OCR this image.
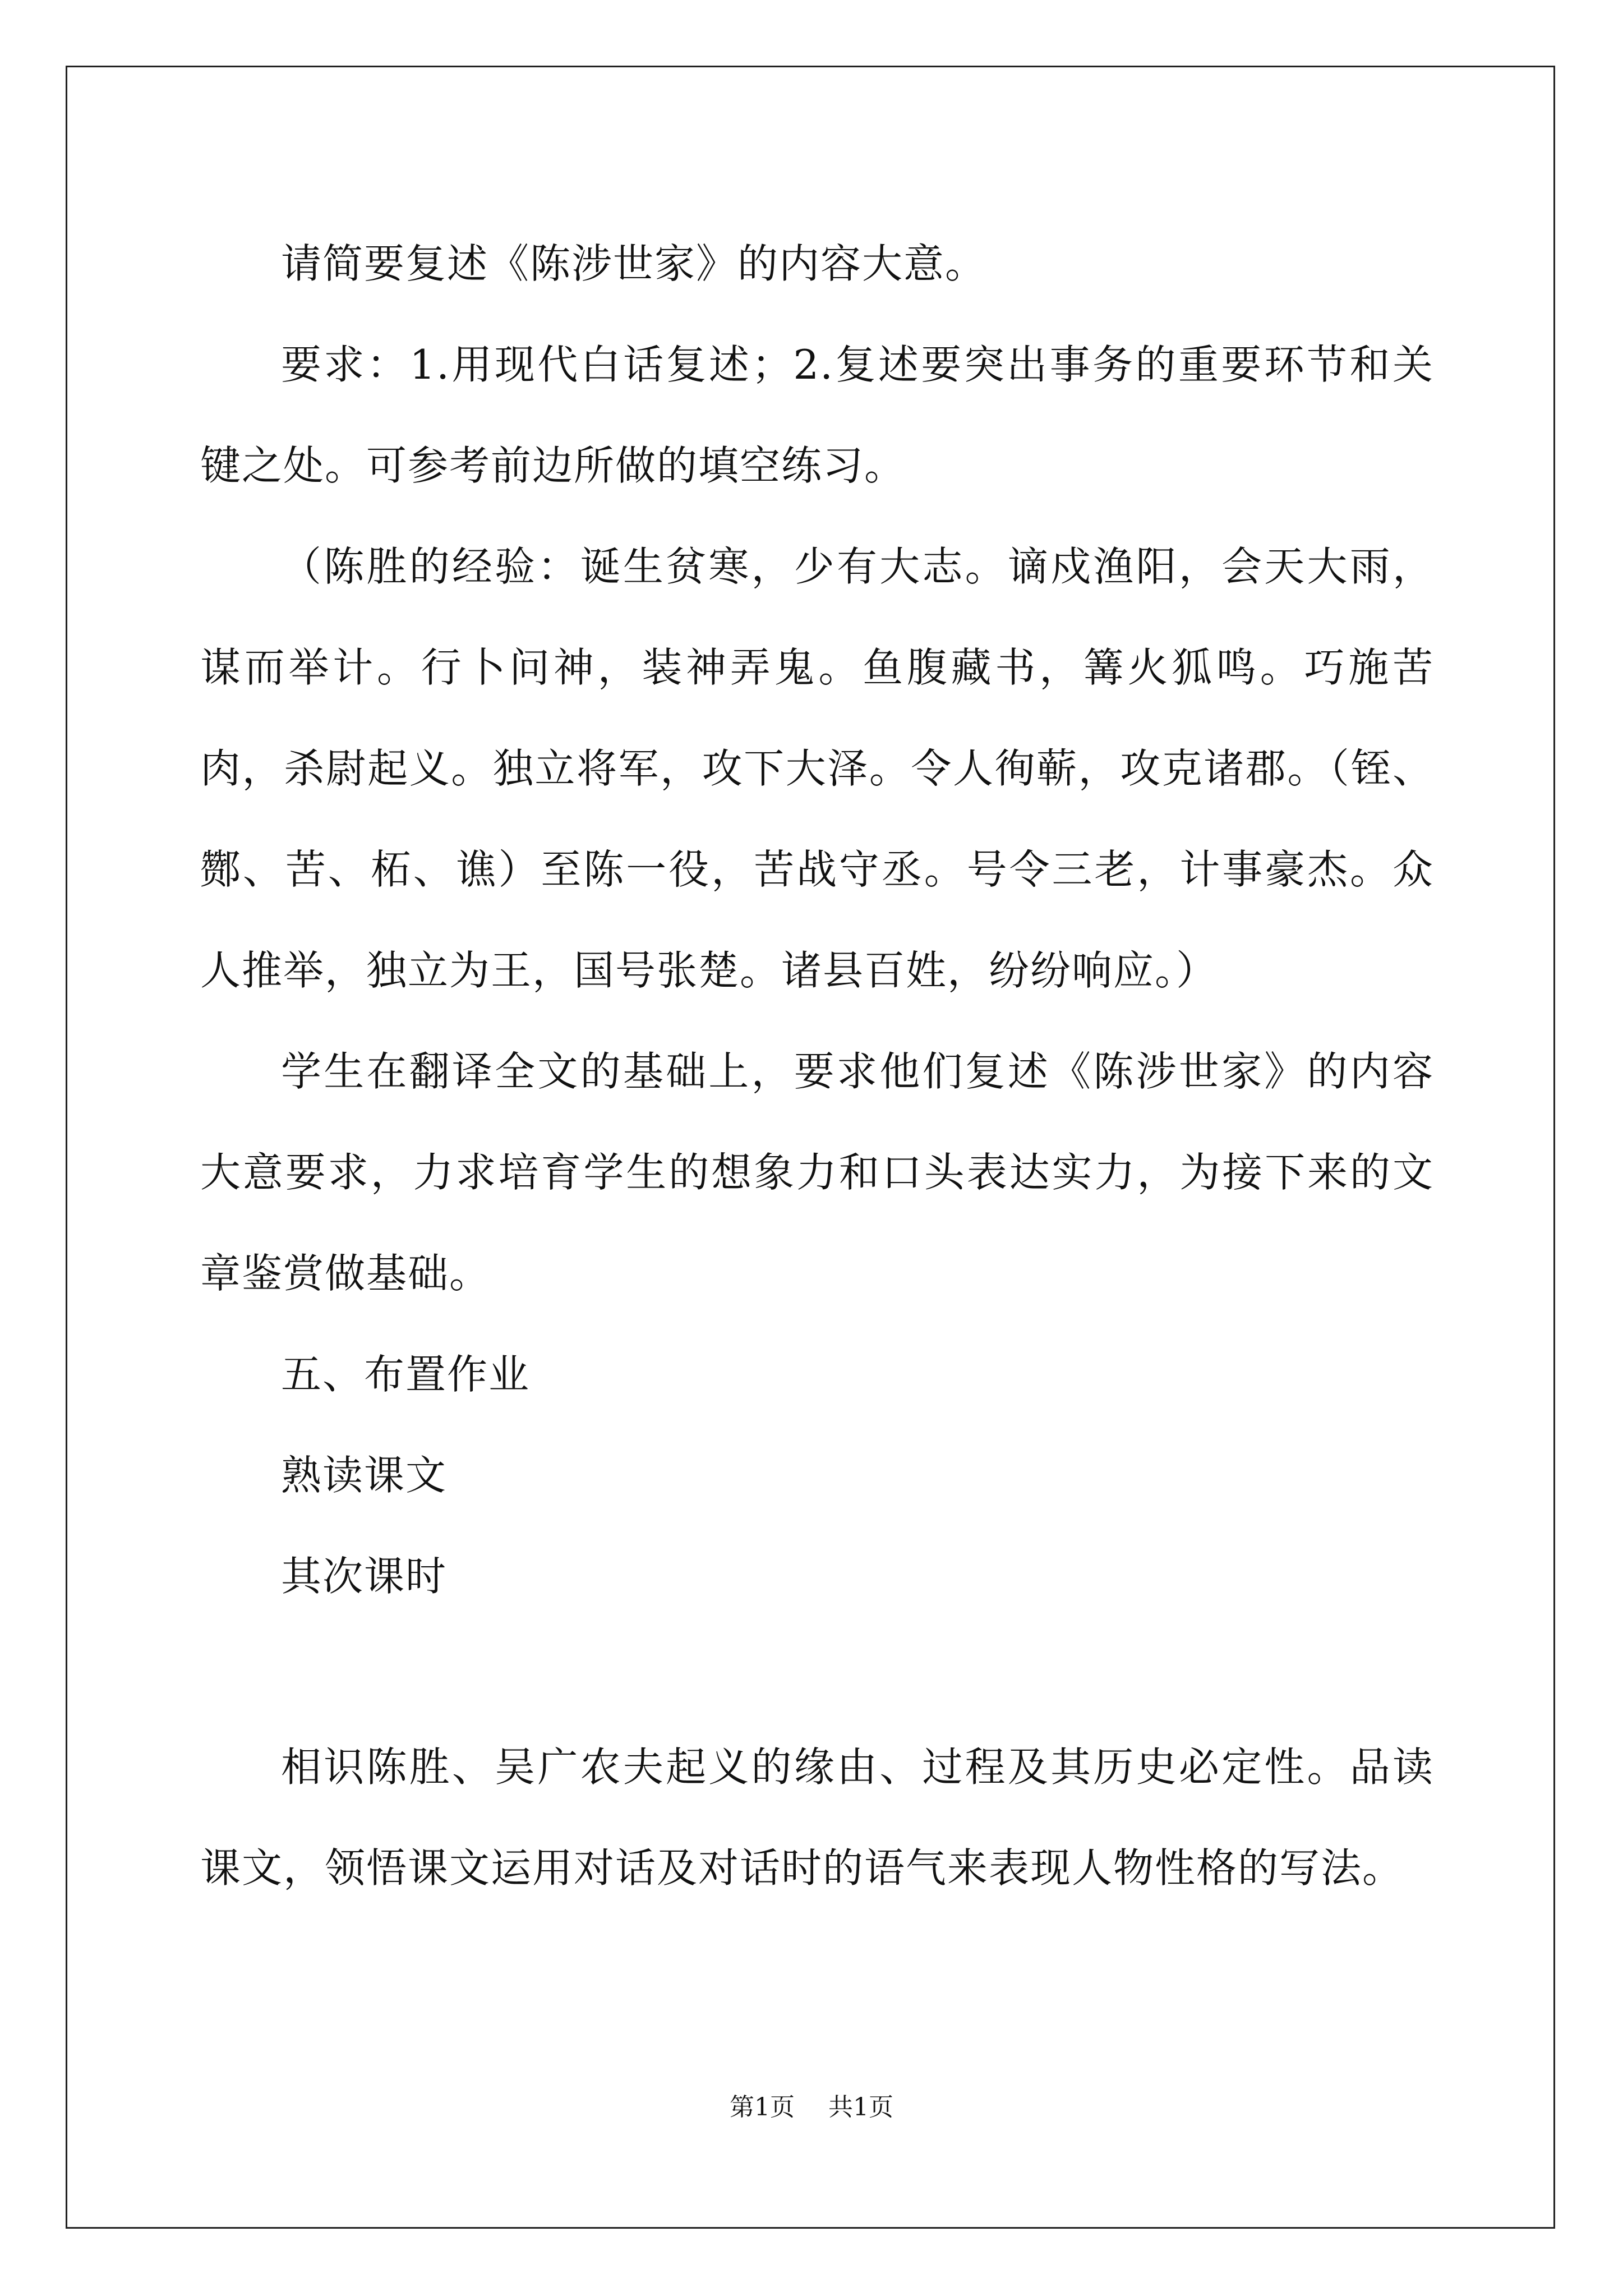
请简要复述《陈涉世家》的内容大意。

要求：1.用现代白话复述；2.复述要突出事务的重要环节和关键之处。可参考前边所做的填空练习。

（陈胜的经验：诞生贫寒，少有大志。谪戍渔阳，会天大雨，谋而举计。行卜问神，装神弄鬼。鱼腹藏书，篝火狐鸣。巧施苦肉，杀尉起义。独立将军，攻下大泽。令人徇蕲，攻克诸郡。（铚、酂、苦、柘、谯）至陈一役，苦战守丞。号令三老，计事豪杰。众人推举，独立为王，国号张楚。诸县百姓，纷纷响应。）

学生在翻译全文的基础上，要求他们复述《陈涉世家》的内容大意要求，力求培育学生的想象力和口头表达实力，为接下来的文章鉴赏做基础。

五、布置作业

熟读课文

其次课时

相识陈胜、吴广农夫起义的缘由、过程及其历史必定性。品读课文，领悟课文运用对话及对话时的语气来表现人物性格的写法。

第1页 共1页
